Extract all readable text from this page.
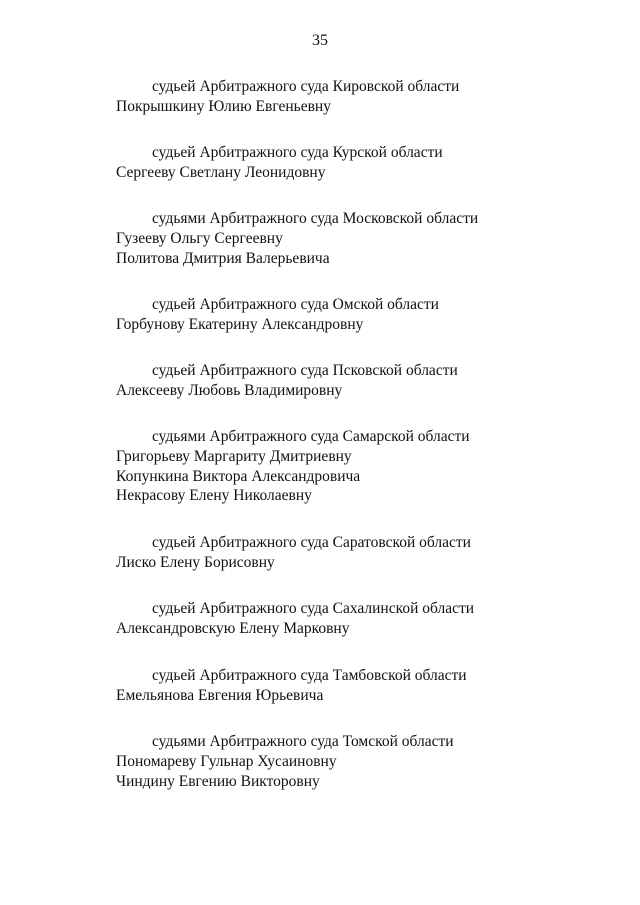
35
судьей Арбитражного суда Кировской области
Покрышкину Юлию Евгеньевну
судьей Арбитражного суда Курской области
Сергееву Светлану Леонидовну
судьями Арбитражного суда Московской области
Гузееву Ольгу Сергеевну
Политова Дмитрия Валерьевича
судьей Арбитражного суда Омской области
Горбунову Екатерину Александровну
судьей Арбитражного суда Псковской области
Алексееву Любовь Владимировну
судьями Арбитражного суда Самарской области
Григорьеву Маргариту Дмитриевну
Копункина Виктора Александровича
Некрасову Елену Николаевну
судьей Арбитражного суда Саратовской области
Лиско Елену Борисовну
судьей Арбитражного суда Сахалинской области
Александровскую Елену Марковну
судьей Арбитражного суда Тамбовской области
Емельянова Евгения Юрьевича
судьями Арбитражного суда Томской области
Пономареву Гульнар Хусаиновну
Чиндину Евгению Викторовну
